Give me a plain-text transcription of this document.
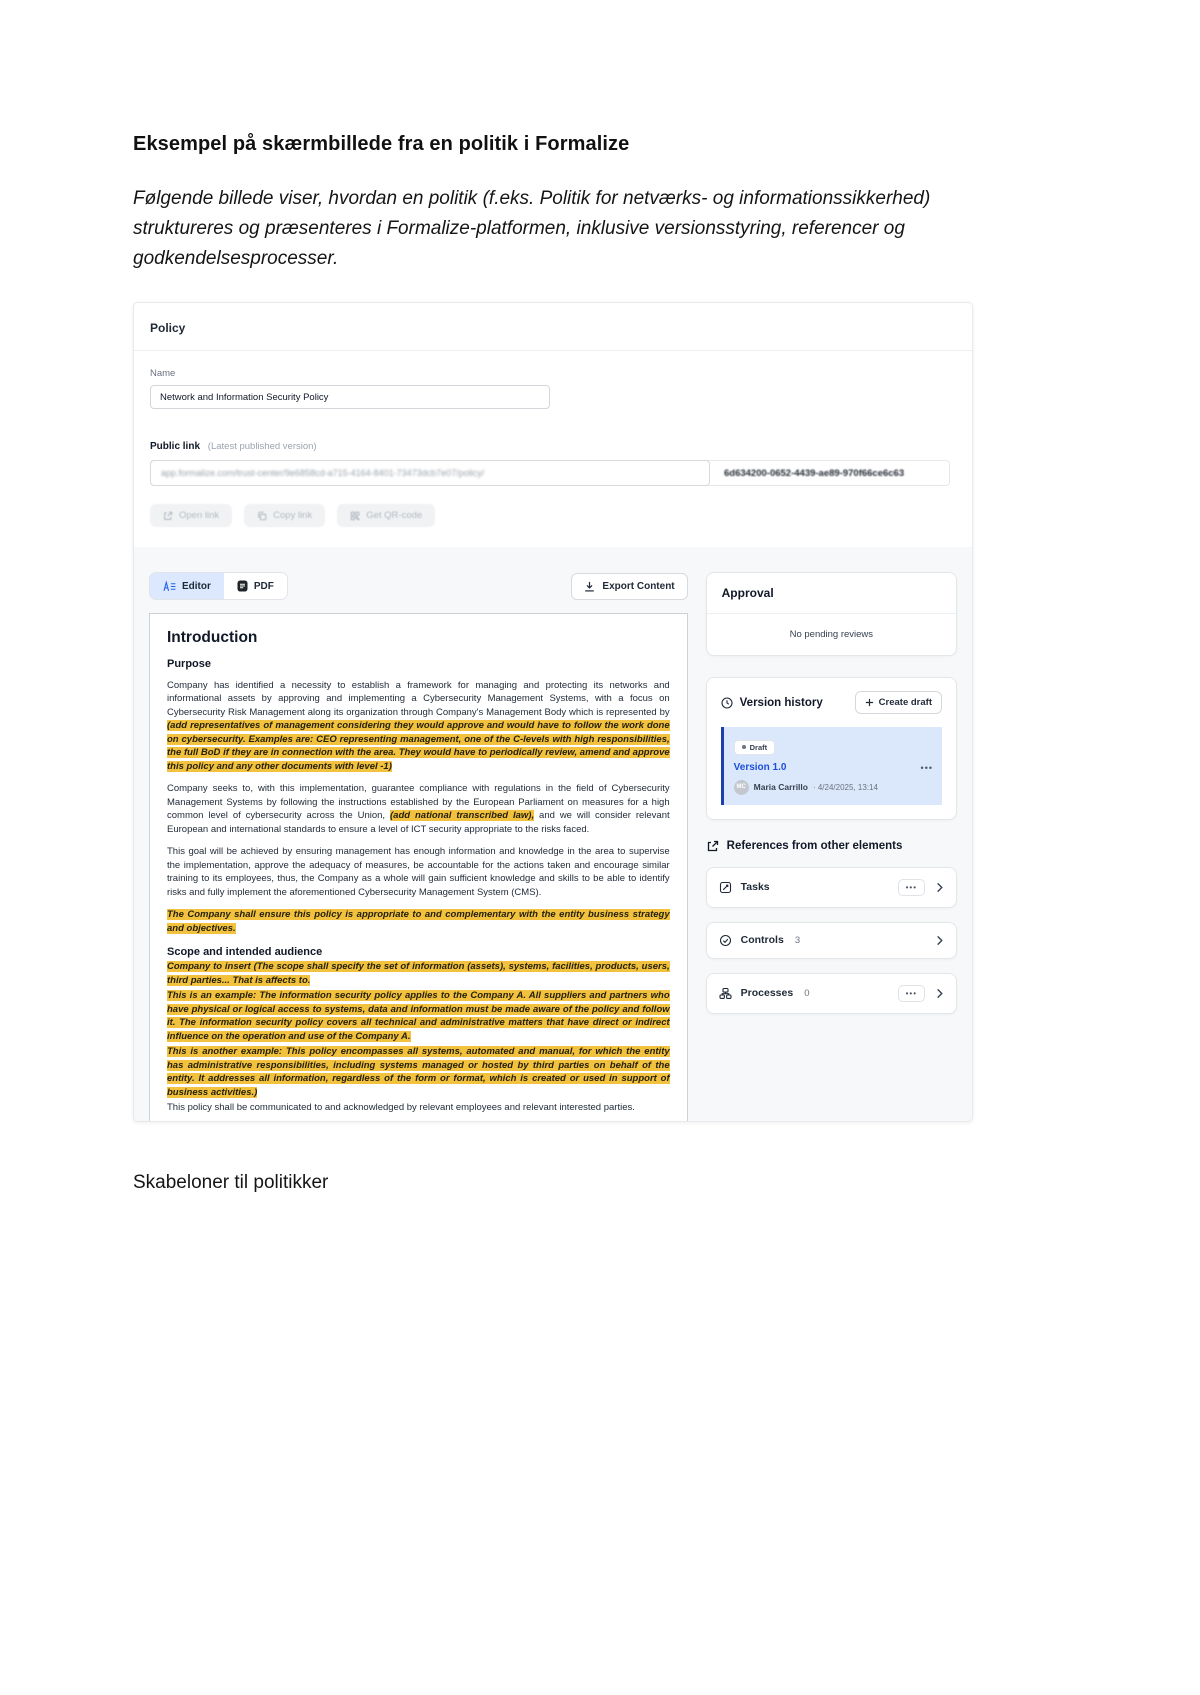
Eksempel på skærmbillede fra en politik i Formalize

Følgende billede viser, hvordan en politik (f.eks. Politik for netværks- og informationssikkerhed) struktureres og præsenteres i Formalize-platformen, inklusive versionsstyring, referencer og godkendelsesprocesser.

Policy
Name
Network and Information Security Policy
Public link (Latest published version)
app.formalize.com/trust-center/9e6858cd-a715-4164-8401-73473dcb7e07/policy/	6d634200-0652-4439-ae89-970f66ce6c63
Open link	Copy link	Get QR-code
Editor	PDF	Export Content
Introduction
Purpose

Company has identified a necessity to establish a framework for managing and protecting its networks and informational assets by approving and implementing a Cybersecurity Management Systems, with a focus on Cybersecurity Risk Management along its organization through Company's Management Body which is represented by (add representatives of management considering they would approve and would have to follow the work done on cybersecurity. Examples are: CEO representing management, one of the C-levels with high responsibilities, the full BoD if they are in connection with the area. They would have to periodically review, amend and approve this policy and any other documents with level -1)

Company seeks to, with this implementation, guarantee compliance with regulations in the field of Cybersecurity Management Systems by following the instructions established by the European Parliament on measures for a high common level of cybersecurity across the Union, (add national transcribed law), and we will consider relevant European and international standards to ensure a level of ICT security appropriate to the risks faced.

This goal will be achieved by ensuring management has enough information and knowledge in the area to supervise the implementation, approve the adequacy of measures, be accountable for the actions taken and encourage similar training to its employees, thus, the Company as a whole will gain sufficient knowledge and skills to be able to identify risks and fully implement the aforementioned Cybersecurity Management System (CMS).

The Company shall ensure this policy is appropriate to and complementary with the entity business strategy and objectives.

Scope and intended audience

Company to insert (The scope shall specify the set of information (assets), systems, facilities, products, users, third parties... That is affects to.

This is an example: The information security policy applies to the Company A. All suppliers and partners who have physical or logical access to systems, data and information must be made aware of the policy and follow it. The information security policy covers all technical and administrative matters that have direct or indirect influence on the operation and use of the Company A.

This is another example: This policy encompasses all systems, automated and manual, for which the entity has administrative responsibilities, including systems managed or hosted by third parties on behalf of the entity. It addresses all information, regardless of the form or format, which is created or used in support of business activities.)

This policy shall be communicated to and acknowledged by relevant employees and relevant interested parties.

Approval
No pending reviews
Version history	Create draft
Draft
Version 1.0
MC Maria Carrillo · 4/24/2025, 13:14
•••
References from other elements
Tasks	•••
Controls 3
Processes 0	•••
Skabeloner til politikker
